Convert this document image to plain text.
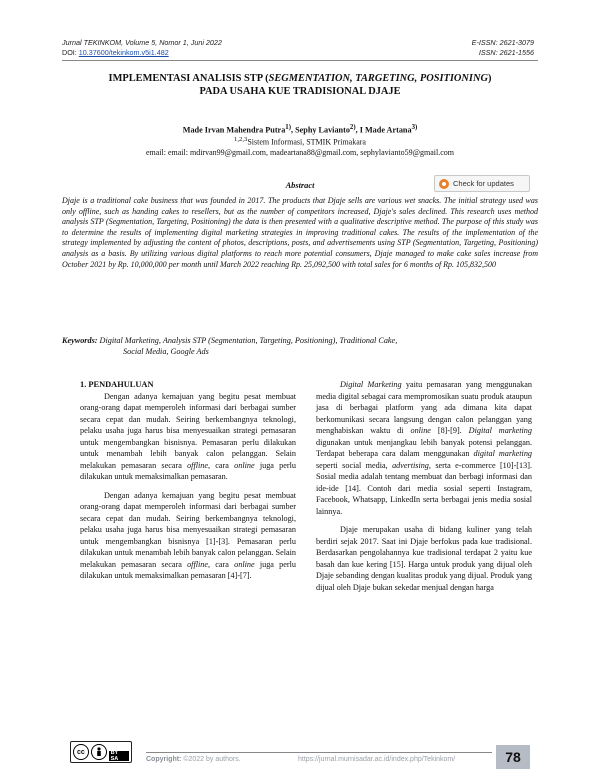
Jurnal TEKINKOM, Volume 5, Nomor 1, Juni 2022
DOI: 10.37600/tekinkom.v5i1.482
E-ISSN: 2621-3079
ISSN: 2621-1556
IMPLEMENTASI ANALISIS STP (SEGMENTATION, TARGETING, POSITIONING)
PADA USAHA KUE TRADISIONAL DJAJE
Made Irvan Mahendra Putra$^{1)}$, Sephy Lavianto$^{2)}$, I Made Artana$^{3)}$
$^{1,2,3}$Sistem Informasi, STMIK Primakara
email: email: mdirvan99@gmail.com, madeartana88@gmail.com, sephylavianto59@gmail.com
Abstract	Check for updates
Djaje is a traditional cake business that was founded in 2017. The products that Djaje sells are various wet snacks. The initial strategy used was only offline, such as handing cakes to resellers, but as the number of competitors increased, Djaje's sales declined. This research uses method analysis STP (Segmentation, Targeting, Positioning) the data is then presented with a qualitative descriptive method. The purpose of this study was to determine the results of implementing digital marketing strategies in improving traditional cakes. The results of the implementation of the strategy implemented by adjusting the content of photos, descriptions, posts, and advertisements using STP (Segmentation, Targeting, Positioning) analysis as a basis. By utilizing various digital platforms to reach more potential consumers, Djaje managed to make cake sales increase from October 2021 by Rp. 10,000,000 per month until March 2022 reaching Rp. 25,092,500 with total sales for 6 months of Rp. 105,832,500
Keywords: Digital Marketing, Analysis STP (Segmentation, Targeting, Positioning), Traditional Cake,
Social Media, Google Ads
1. PENDAHULUAN

Dengan adanya kemajuan yang begitu pesat membuat orang-orang dapat memperoleh informasi dari berbagai sumber secara cepat dan mudah. Seiring berkembangnya teknologi, pelaku usaha juga harus bisa menyesuaikan strategi pemasaran untuk mengembangkan bisnisnya. Pemasaran perlu dilakukan untuk menambah lebih banyak calon pelanggan. Selain melakukan pemasaran secara offline, cara online juga perlu dilakukan untuk memaksimalkan pemasaran.

Dengan adanya kemajuan yang begitu pesat membuat orang-orang dapat memperoleh informasi dari berbagai sumber secara cepat dan mudah. Seiring berkembangnya teknologi, pelaku usaha juga harus bisa menyesuaikan strategi pemasaran untuk mengembangkan bisnisnya [1]-[3]. Pemasaran perlu dilakukan untuk menambah lebih banyak calon pelanggan. Selain melakukan pemasaran secara offline, cara online juga perlu dilakukan untuk memaksimalkan pemasaran [4]-[7].

Digital Marketing yaitu pemasaran yang menggunakan media digital sebagai cara mempromosikan suatu produk ataupun jasa di berbagai platform yang ada dimana kita dapat berkomunikasi secara langsung dengan calon pelanggan yang menghabiskan waktu di online [8]-[9]. Digital marketing digunakan untuk menjangkau lebih banyak potensi pelanggan. Terdapat beberapa cara dalam menggunakan digital marketing seperti social media, advertising, serta e-commerce [10]-[13]. Sosial media adalah tentang membuat dan berbagi informasi dan ide-ide [14]. Contoh dari media sosial seperti Instagram, Facebook, Whatsapp, LinkedIn serta berbagai jenis media sosial lainnya.

Djaje merupakan usaha di bidang kuliner yang telah berdiri sejak 2017. Saat ini Djaje berfokus pada kue tradisional. Berdasarkan pengolahannya kue tradisional terdapat 2 yaitu kue basah dan kue kering [15]. Harga untuk produk yang dijual oleh Djaje sebanding dengan kualitas produk yang dijual. Produk yang dijual oleh Djaje bukan sekedar menjual dengan harga

cc	BY SA	Copyright: ©2022 by authors.	https://jurnal.murnisadar.ac.id/index.php/Tekinkom/	78
